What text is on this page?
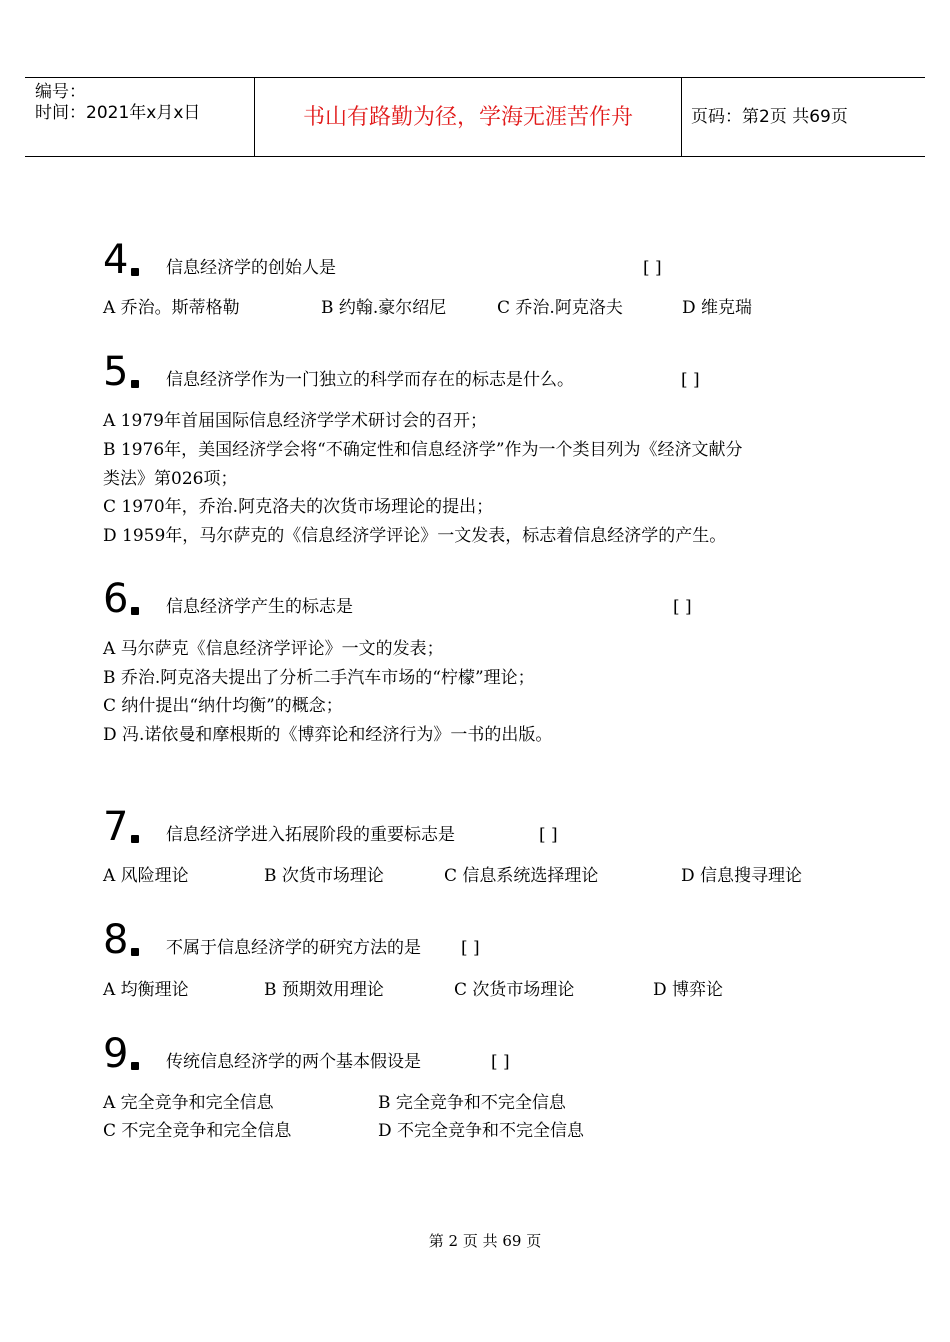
编号：
时间：2021年x月x日	书山有路勤为径，学海无涯苦作舟	页码：第2页 共69页
4 信息经济学的创始人是	[ ]
A 乔治。斯蒂格勒	B 约翰.豪尔绍尼	C 乔治.阿克洛夫	D 维克瑞
5 信息经济学作为一门独立的科学而存在的标志是什么。	[ ]
A 1979年首届国际信息经济学学术研讨会的召开；
B 1976年，美国经济学会将“不确定性和信息经济学”作为一个类目列为《经济文献分
类法》第026项；
C 1970年，乔治.阿克洛夫的次货市场理论的提出；
D 1959年，马尔萨克的《信息经济学评论》一文发表，标志着信息经济学的产生。
6 信息经济学产生的标志是	[ ]
A 马尔萨克《信息经济学评论》一文的发表；
B 乔治.阿克洛夫提出了分析二手汽车市场的“柠檬”理论；
C 纳什提出“纳什均衡”的概念；
D 冯.诺依曼和摩根斯的《博弈论和经济行为》一书的出版。
7 信息经济学进入拓展阶段的重要标志是	[ ]
A 风险理论	B 次货市场理论	C 信息系统选择理论	D 信息搜寻理论
8 不属于信息经济学的研究方法的是 [ ]
A 均衡理论	B 预期效用理论	C 次货市场理论	D 博弈论
9 传统信息经济学的两个基本假设是	[ ]
A 完全竞争和完全信息	B 完全竞争和不完全信息
C 不完全竞争和完全信息	D 不完全竞争和不完全信息
第 2 页 共 69 页
